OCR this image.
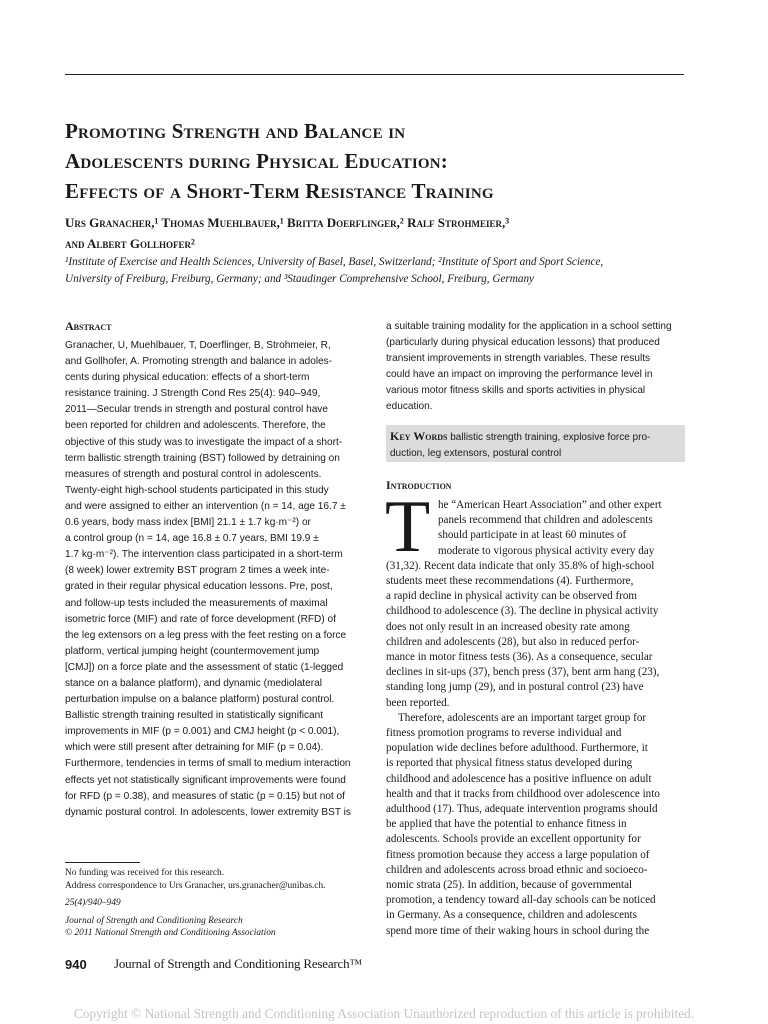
Promoting Strength and Balance in
Adolescents during Physical Education:
Effects of a Short-Term Resistance Training
Urs Granacher,¹ Thomas Muehlbauer,¹ Britta Doerflinger,² Ralf Strohmeier,³
and Albert Gollhofer²
¹Institute of Exercise and Health Sciences, University of Basel, Basel, Switzerland; ²Institute of Sport and Sport Science,
University of Freiburg, Freiburg, Germany; and ³Staudinger Comprehensive School, Freiburg, Germany
Abstract
Granacher, U, Muehlbauer, T, Doerflinger, B, Strohmeier, R,
and Gollhofer, A. Promoting strength and balance in adoles-
cents during physical education: effects of a short-term
resistance training. J Strength Cond Res 25(4): 940–949,
2011—Secular trends in strength and postural control have
been reported for children and adolescents. Therefore, the
objective of this study was to investigate the impact of a short-
term ballistic strength training (BST) followed by detraining on
measures of strength and postural control in adolescents.
Twenty-eight high-school students participated in this study
and were assigned to either an intervention (n = 14, age 16.7 ±
0.6 years, body mass index [BMI] 21.1 ± 1.7 kg·m⁻²) or
a control group (n = 14, age 16.8 ± 0.7 years, BMI 19.9 ±
1.7 kg·m⁻²). The intervention class participated in a short-term
(8 week) lower extremity BST program 2 times a week inte-
grated in their regular physical education lessons. Pre, post,
and follow-up tests included the measurements of maximal
isometric force (MIF) and rate of force development (RFD) of
the leg extensors on a leg press with the feet resting on a force
platform, vertical jumping height (countermovement jump
[CMJ]) on a force plate and the assessment of static (1-legged
stance on a balance platform), and dynamic (mediolateral
perturbation impulse on a balance platform) postural control.
Ballistic strength training resulted in statistically significant
improvements in MIF (p = 0.001) and CMJ height (p < 0.001),
which were still present after detraining for MIF (p = 0.04).
Furthermore, tendencies in terms of small to medium interaction
effects yet not statistically significant improvements were found
for RFD (p = 0.38), and measures of static (p = 0.15) but not of
dynamic postural control. In adolescents, lower extremity BST is
a suitable training modality for the application in a school setting
(particularly during physical education lessons) that produced
transient improvements in strength variables. These results
could have an impact on improving the performance level in
various motor fitness skills and sports activities in physical
education.
Key Words ballistic strength training, explosive force pro-
duction, leg extensors, postural control
Introduction
T he “American Heart Association” and other expert
panels recommend that children and adolescents
should participate in at least 60 minutes of
moderate to vigorous physical activity every day
(31,32). Recent data indicate that only 35.8% of high-school
students meet these recommendations (4). Furthermore,
a rapid decline in physical activity can be observed from
childhood to adolescence (3). The decline in physical activity
does not only result in an increased obesity rate among
children and adolescents (28), but also in reduced perfor-
mance in motor fitness tests (36). As a consequence, secular
declines in sit-ups (37), bench press (37), bent arm hang (23),
standing long jump (29), and in postural control (23) have
been reported.
Therefore, adolescents are an important target group for
fitness promotion programs to reverse individual and
population wide declines before adulthood. Furthermore, it
is reported that physical fitness status developed during
childhood and adolescence has a positive influence on adult
health and that it tracks from childhood over adolescence into
adulthood (17). Thus, adequate intervention programs should
be applied that have the potential to enhance fitness in
adolescents. Schools provide an excellent opportunity for
fitness promotion because they access a large population of
children and adolescents across broad ethnic and socioeco-
nomic strata (25). In addition, because of governmental
promotion, a tendency toward all-day schools can be noticed
in Germany. As a consequence, children and adolescents
spend more time of their waking hours in school during the
No funding was received for this research.
Address correspondence to Urs Granacher, urs.granacher@unibas.ch.
25(4)/940–949
Journal of Strength and Conditioning Research
© 2011 National Strength and Conditioning Association
940 Journal of Strength and Conditioning Research™
Copyright © National Strength and Conditioning Association Unauthorized reproduction of this article is prohibited.
